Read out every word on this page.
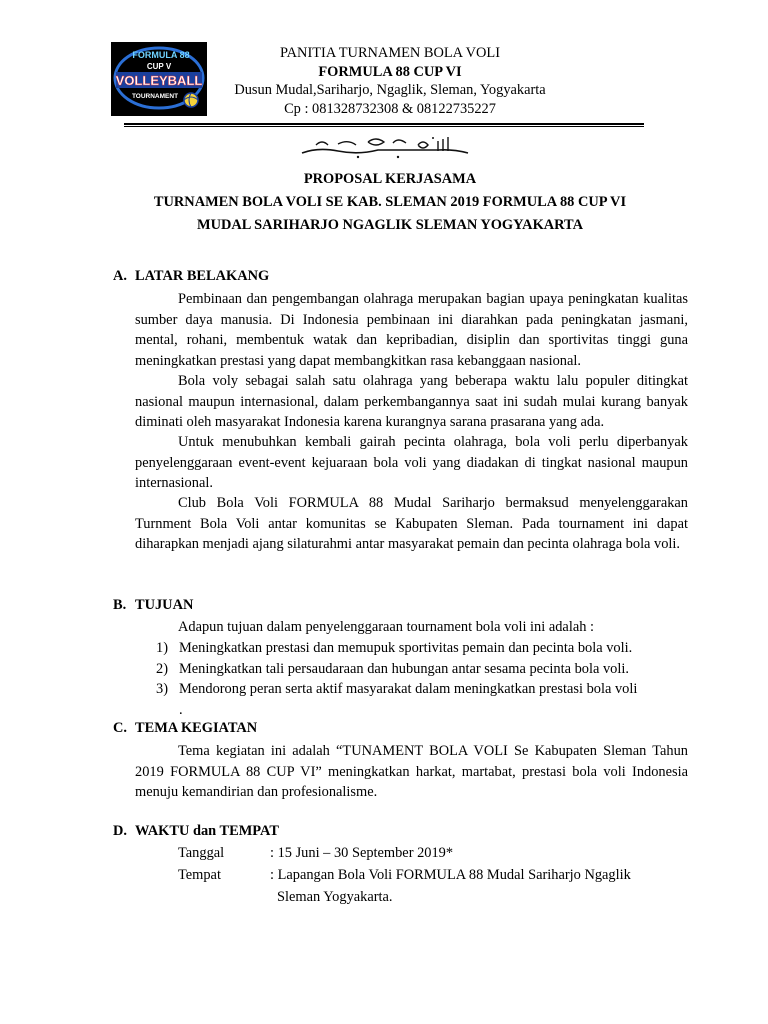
FORMULA 88
CUP V
VOLLEYBALL
TOURNAMENT
PANITIA TURNAMEN BOLA VOLI
FORMULA 88 CUP VI
Dusun Mudal,Sariharjo, Ngaglik, Sleman, Yogyakarta
Cp : 081328732308 & 08122735227
PROPOSAL KERJASAMA
TURNAMEN BOLA VOLI SE KAB. SLEMAN 2019 FORMULA 88 CUP VI
MUDAL SARIHARJO NGAGLIK SLEMAN YOGYAKARTA
A. LATAR BELAKANG
Pembinaan dan pengembangan olahraga merupakan bagian upaya peningkatan kualitas sumber daya manusia. Di Indonesia pembinaan ini diarahkan pada peningkatan jasmani, mental, rohani, membentuk watak dan kepribadian, disiplin dan sportivitas tinggi guna meningkatkan prestasi yang dapat membangkitkan rasa kebanggaan nasional.
Bola voly sebagai salah satu olahraga yang beberapa waktu lalu populer ditingkat nasional maupun internasional, dalam perkembangannya saat ini sudah mulai kurang banyak diminati oleh masyarakat Indonesia karena kurangnya sarana prasarana yang ada.
Untuk menubuhkan kembali gairah pecinta olahraga, bola voli perlu diperbanyak penyelenggaraan event-event kejuaraan bola voli yang diadakan di tingkat nasional maupun internasional.
Club Bola Voli FORMULA 88 Mudal Sariharjo bermaksud menyelenggarakan Turnment Bola Voli antar komunitas se Kabupaten Sleman. Pada tournament ini dapat diharapkan menjadi ajang silaturahmi antar masyarakat pemain dan pecinta olahraga bola voli.
B. TUJUAN
Adapun tujuan dalam penyelenggaraan tournament bola voli ini adalah :
1) Meningkatkan prestasi dan memupuk sportivitas pemain dan pecinta bola voli.
2) Meningkatkan tali persaudaraan dan hubungan antar sesama pecinta bola voli.
3) Mendorong peran serta aktif masyarakat dalam meningkatkan prestasi bola voli
.
C. TEMA KEGIATAN
Tema kegiatan ini adalah “TUNAMENT BOLA VOLI Se Kabupaten Sleman Tahun 2019 FORMULA 88 CUP VI” meningkatkan harkat, martabat, prestasi bola voli Indonesia menuju kemandirian dan profesionalisme.
D. WAKTU dan TEMPAT
Tanggal	: 15 Juni – 30 September 2019*
Tempat	: Lapangan Bola Voli FORMULA 88 Mudal Sariharjo Ngaglik
Sleman Yogyakarta.
